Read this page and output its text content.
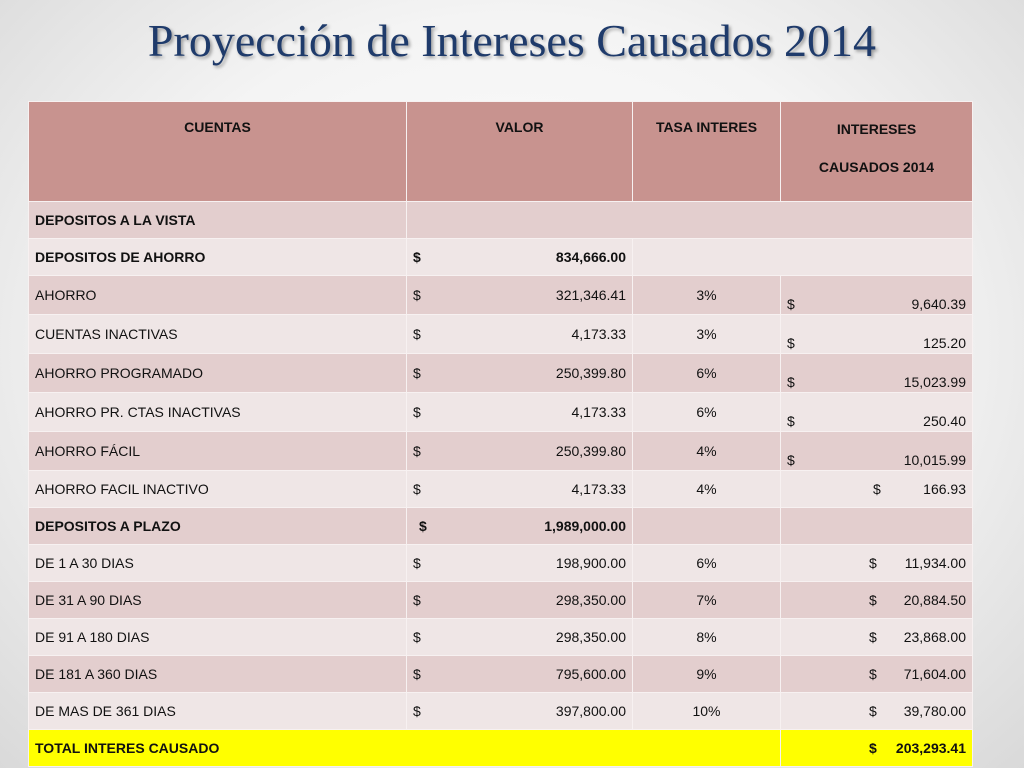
Proyección de Intereses Causados 2014
CUENTAS	VALOR	TASA INTERES	INTERESES
CAUSADOS 2014

DEPOSITOS A LA VISTA			
DEPOSITOS DE AHORRO	$ 834,666.00		

AHORRO	$ 321,346.41	3%	$ 9,640.39

CUENTAS INACTIVAS	$ 4,173.33	3%	$ 125.20

AHORRO PROGRAMADO	$ 250,399.80	6%	$ 15,023.99

AHORRO PR. CTAS INACTIVAS	$ 4,173.33	6%	$ 250.40

AHORRO FÁCIL	$ 250,399.80	4%	$ 10,015.99

AHORRO FACIL INACTIVO	$ 4,173.33	4%	$ 166.93

DEPOSITOS A PLAZO	$ 1,989,000.00		

DE 1 A 30 DIAS	$ 198,900.00	6%	$ 11,934.00

DE 31 A 90 DIAS	$ 298,350.00	7%	$ 20,884.50

DE 91 A 180 DIAS	$ 298,350.00	8%	$ 23,868.00

DE 181 A 360 DIAS	$ 795,600.00	9%	$ 71,604.00

DE MAS DE 361 DIAS	$ 397,800.00	10%	$ 39,780.00

TOTAL INTERES CAUSADO			$ 203,293.41
